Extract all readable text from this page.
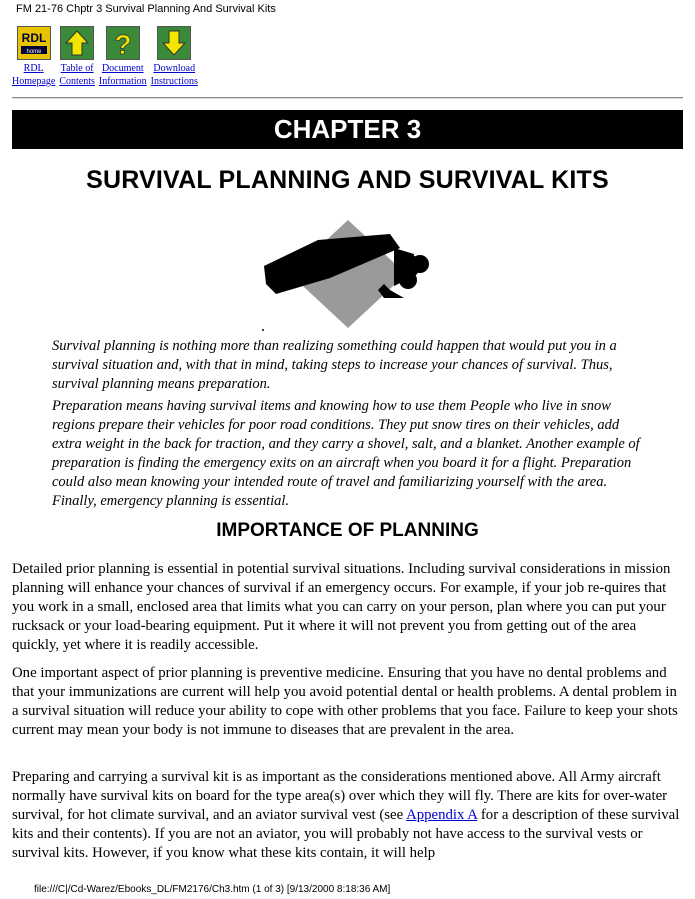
FM 21-76 Chptr 3 Survival Planning And Survival Kits
RDL
home
RDL
Homepage
Table of
Contents
?
Document
Information
Download
Instructions
CHAPTER 3
SURVIVAL PLANNING AND SURVIVAL KITS

Survival planning is nothing more than realizing something could happen that would put you in a survival situation and, with that in mind, taking steps to increase your chances of survival. Thus, survival planning means preparation.

Preparation means having survival items and knowing how to use them People who live in snow regions prepare their vehicles for poor road conditions. They put snow tires on their vehicles, add extra weight in the back for traction, and they carry a shovel, salt, and a blanket. Another example of preparation is finding the emergency exits on an aircraft when you board it for a flight. Preparation could also mean knowing your intended route of travel and familiarizing yourself with the area. Finally, emergency planning is essential.

IMPORTANCE OF PLANNING

Detailed prior planning is essential in potential survival situations. Including survival considerations in mission planning will enhance your chances of survival if an emergency occurs. For example, if your job re-quires that you work in a small, enclosed area that limits what you can carry on your person, plan where you can put your rucksack or your load-bearing equipment. Put it where it will not prevent you from getting out of the area quickly, yet where it is readily accessible.

One important aspect of prior planning is preventive medicine. Ensuring that you have no dental problems and that your immunizations are current will help you avoid potential dental or health problems. A dental problem in a survival situation will reduce your ability to cope with other problems that you face. Failure to keep your shots current may mean your body is not immune to diseases that are prevalent in the area.

Preparing and carrying a survival kit is as important as the considerations mentioned above. All Army aircraft normally have survival kits on board for the type area(s) over which they will fly. There are kits for over-water survival, for hot climate survival, and an aviator survival vest (see Appendix A for a description of these survival kits and their contents). If you are not an aviator, you will probably not have access to the survival vests or survival kits. However, if you know what these kits contain, it will help

file:///C|/Cd-Warez/Ebooks_DL/FM2176/Ch3.htm (1 of 3) [9/13/2000 8:18:36 AM]
